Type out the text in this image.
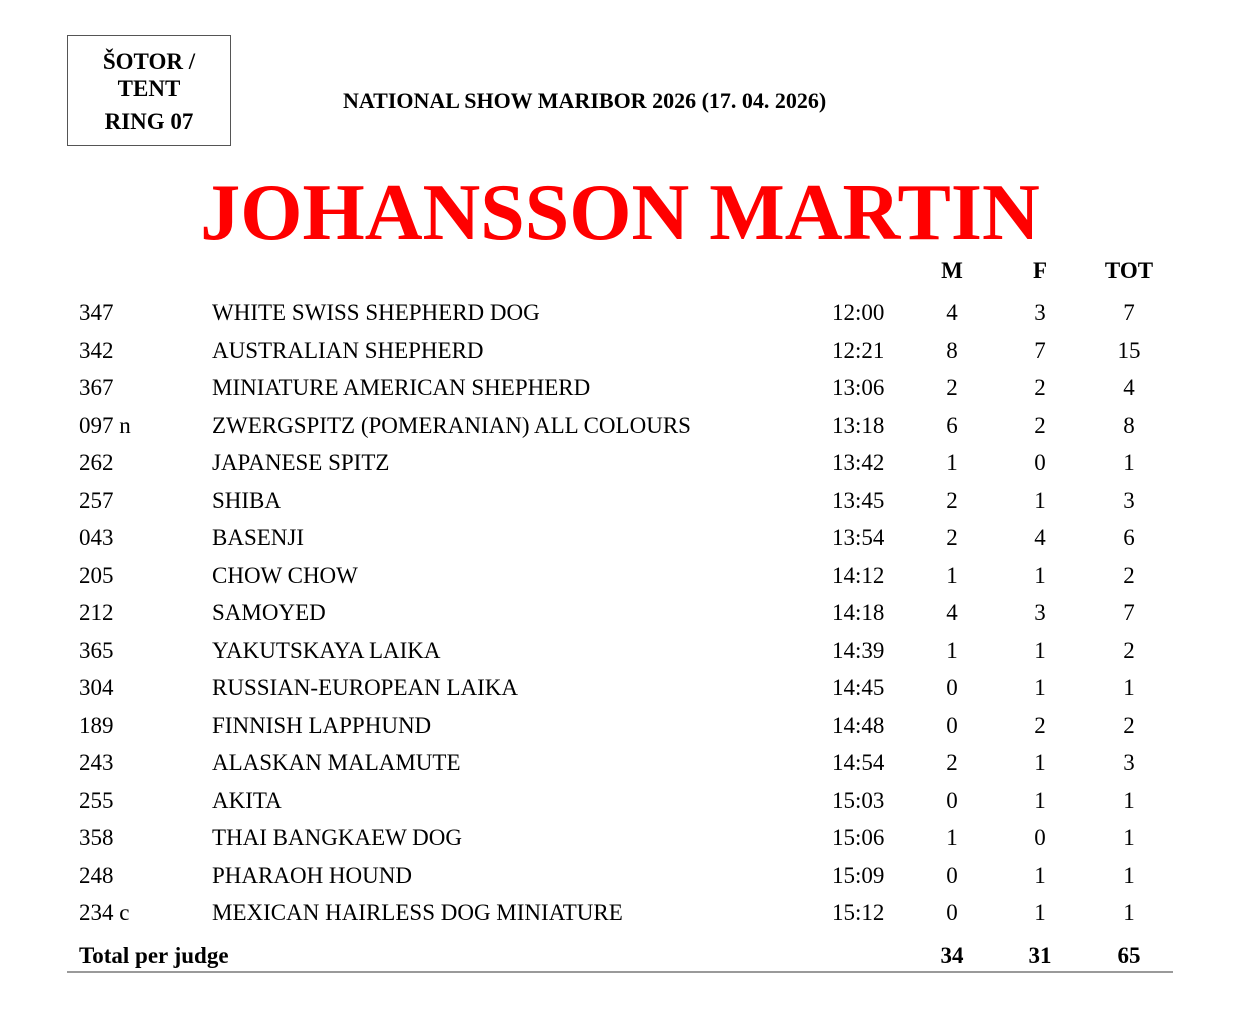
ŠOTOR /
TENT
RING 07
NATIONAL SHOW MARIBOR 2026 (17. 04. 2026)
JOHANSSON MARTIN
M	F	TOT
347	WHITE SWISS SHEPHERD DOG	12:00	4	3	7
342	AUSTRALIAN SHEPHERD	12:21	8	7	15
367	MINIATURE AMERICAN SHEPHERD	13:06	2	2	4
097 n	ZWERGSPITZ (POMERANIAN) ALL COLOURS	13:18	6	2	8
262	JAPANESE SPITZ	13:42	1	0	1
257	SHIBA	13:45	2	1	3
043	BASENJI	13:54	2	4	6
205	CHOW CHOW	14:12	1	1	2
212	SAMOYED	14:18	4	3	7
365	YAKUTSKAYA LAIKA	14:39	1	1	2
304	RUSSIAN-EUROPEAN LAIKA	14:45	0	1	1
189	FINNISH LAPPHUND	14:48	0	2	2
243	ALASKAN MALAMUTE	14:54	2	1	3
255	AKITA	15:03	0	1	1
358	THAI BANGKAEW DOG	15:06	1	0	1
248	PHARAOH HOUND	15:09	0	1	1
234 c	MEXICAN HAIRLESS DOG MINIATURE	15:12	0	1	1
Total per judge	34	31	65
